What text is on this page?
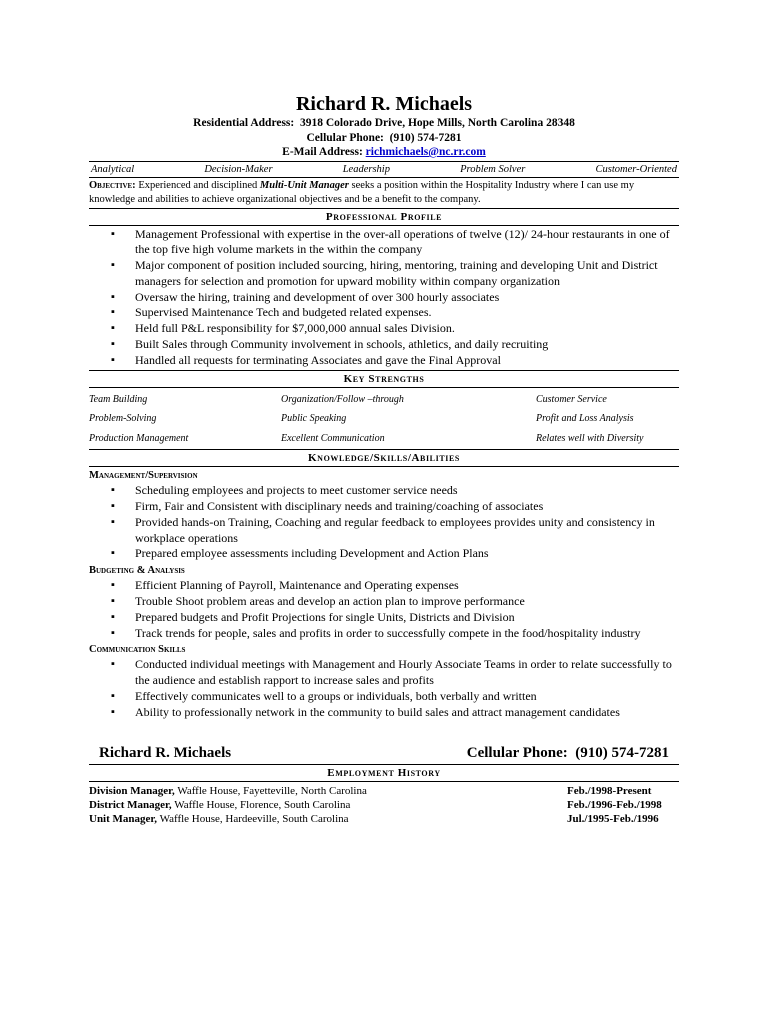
Richard R. Michaels
Residential Address: 3918 Colorado Drive, Hope Mills, North Carolina 28348
Cellular Phone: (910) 574-7281
E-Mail Address: richmichaels@nc.rr.com
Analytical	Decision-Maker	Leadership	Problem Solver	Customer-Oriented
Objective: Experienced and disciplined Multi-Unit Manager seeks a position within the Hospitality Industry where I can use my knowledge and abilities to achieve organizational objectives and be a benefit to the company.
Professional Profile
▪ Management Professional with expertise in the over-all operations of twelve (12)/ 24-hour restaurants in one of the top five high volume markets in the within the company
▪ Major component of position included sourcing, hiring, mentoring, training and developing Unit and District managers for selection and promotion for upward mobility within company organization
▪ Oversaw the hiring, training and development of over 300 hourly associates
▪ Supervised Maintenance Tech and budgeted related expenses.
▪ Held full P&L responsibility for $7,000,000 annual sales Division.
▪ Built Sales through Community involvement in schools, athletics, and daily recruiting
▪ Handled all requests for terminating Associates and gave the Final Approval
Key Strengths
Team Building	Organization/Follow –through	Customer Service
Problem-Solving	Public Speaking	Profit and Loss Analysis
Production Management	Excellent Communication	Relates well with Diversity
Knowledge/Skills/Abilities
Management/Supervision
▪ Scheduling employees and projects to meet customer service needs
▪ Firm, Fair and Consistent with disciplinary needs and training/coaching of associates
▪ Provided hands-on Training, Coaching and regular feedback to employees provides unity and consistency in workplace operations
▪ Prepared employee assessments including Development and Action Plans
Budgeting & Analysis
▪ Efficient Planning of Payroll, Maintenance and Operating expenses
▪ Trouble Shoot problem areas and develop an action plan to improve performance
▪ Prepared budgets and Profit Projections for single Units, Districts and Division
▪ Track trends for people, sales and profits in order to successfully compete in the food/hospitality industry
Communication Skills
▪ Conducted individual meetings with Management and Hourly Associate Teams in order to relate successfully to the audience and establish rapport to increase sales and profits
▪ Effectively communicates well to a groups or individuals, both verbally and written
▪ Ability to professionally network in the community to build sales and attract management candidates
Richard R. Michaels	Cellular Phone: (910) 574-7281
Employment History
Division Manager, Waffle House, Fayetteville, North Carolina	Feb./1998-Present
District Manager, Waffle House, Florence, South Carolina	Feb./1996-Feb./1998
Unit Manager, Waffle House, Hardeeville, South Carolina	Jul./1995-Feb./1996
